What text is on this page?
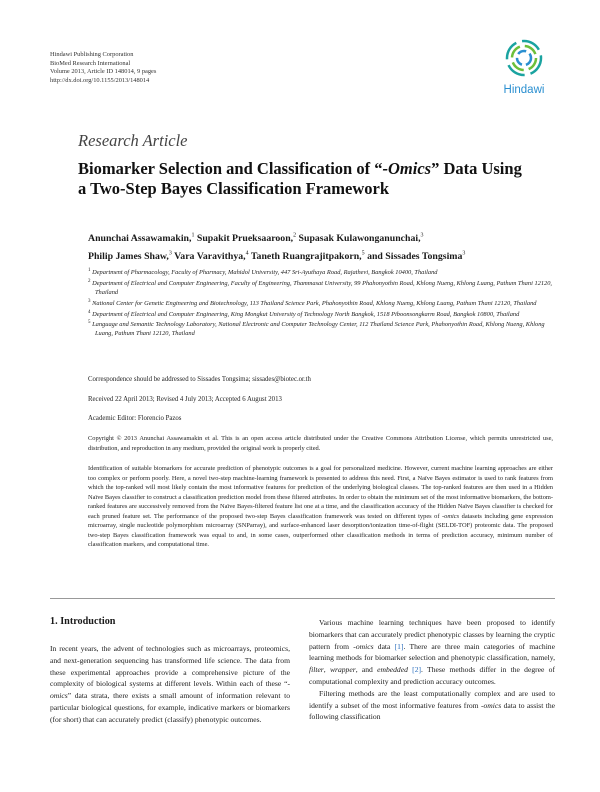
Hindawi Publishing Corporation
BioMed Research International
Volume 2013, Article ID 148014, 9 pages
http://dx.doi.org/10.1155/2013/148014
Hindawi
Research Article
Biomarker Selection and Classification of “-Omics” Data Using
a Two-Step Bayes Classification Framework
Anunchai Assawamakin,$^1$ Supakit Prueksaaroon,$^2$ Supasak Kulawonganunchai,$^3$
Philip James Shaw,$^3$ Vara Varavithya,$^4$ Taneth Ruangrajitpakorn,$^5$ and Sissades Tongsima$^3$

$^1$ Department of Pharmacology, Faculty of Pharmacy, Mahidol University, 447 Sri-Ayuthaya Road, Rajathevi, Bangkok 10400, Thailand

$^2$ Department of Electrical and Computer Engineering, Faculty of Engineering, Thammasat University, 99 Phahonyothin Road, Khlong Nueng, Khlong Luang, Pathum Thani 12120, Thailand

$^3$ National Center for Genetic Engineering and Biotechnology, 113 Thailand Science Park, Phahonyothin Road, Khlong Nueng, Khlong Luang, Pathum Thani 12120, Thailand

$^4$ Department of Electrical and Computer Engineering, King Mongkut University of Technology North Bangkok, 1518 Piboonsongkarm Road, Bangkok 10800, Thailand

$^5$ Language and Semantic Technology Laboratory, National Electronic and Computer Technology Center, 112 Thailand Science Park, Phahonyothin Road, Khlong Nueng, Khlong Luang, Pathum Thani 12120, Thailand

Correspondence should be addressed to Sissades Tongsima; sissades@biotec.or.th
Received 22 April 2013; Revised 4 July 2013; Accepted 6 August 2013
Academic Editor: Florencio Pazos
Copyright © 2013 Anunchai Assawamakin et al. This is an open access article distributed under the Creative Commons Attribution License, which permits unrestricted use, distribution, and reproduction in any medium, provided the original work is properly cited.
Identification of suitable biomarkers for accurate prediction of phenotypic outcomes is a goal for personalized medicine. However, current machine learning approaches are either too complex or perform poorly. Here, a novel two-step machine-learning framework is presented to address this need. First, a Naïve Bayes estimator is used to rank features from which the top-ranked will most likely contain the most informative features for prediction of the underlying biological classes. The top-ranked features are then used in a Hidden Naïve Bayes classifier to construct a classification prediction model from these filtered attributes. In order to obtain the minimum set of the most informative biomarkers, the bottom-ranked features are successively removed from the Naïve Bayes-filtered feature list one at a time, and the classification accuracy of the Hidden Naïve Bayes classifier is checked for each pruned feature set. The performance of the proposed two-step Bayes classification framework was tested on different types of -omics datasets including gene expression microarray, single nucleotide polymorphism microarray (SNParray), and surface-enhanced laser desorption/ionization time-of-flight (SELDI-TOF) proteomic data. The proposed two-step Bayes classification framework was equal to and, in some cases, outperformed other classification methods in terms of prediction accuracy, minimum number of classification markers, and computational time.
1. Introduction

In recent years, the advent of technologies such as microarrays, proteomics, and next-generation sequencing has transformed life science. The data from these experimental approaches provide a comprehensive picture of the complexity of biological systems at different levels. Within each of these “-omics” data strata, there exists a small amount of information relevant to particular biological questions, for example, indicative markers or biomarkers (for short) that can accurately predict (classify) phenotypic outcomes.

Various machine learning techniques have been proposed to identify biomarkers that can accurately predict phenotypic classes by learning the cryptic pattern from -omics data [1]. There are three main categories of machine learning methods for biomarker selection and phenotypic classification, namely, filter, wrapper, and embedded [2]. These methods differ in the degree of computational complexity and prediction accuracy outcomes.

Filtering methods are the least computationally complex and are used to identify a subset of the most informative features from -omics data to assist the following classification
